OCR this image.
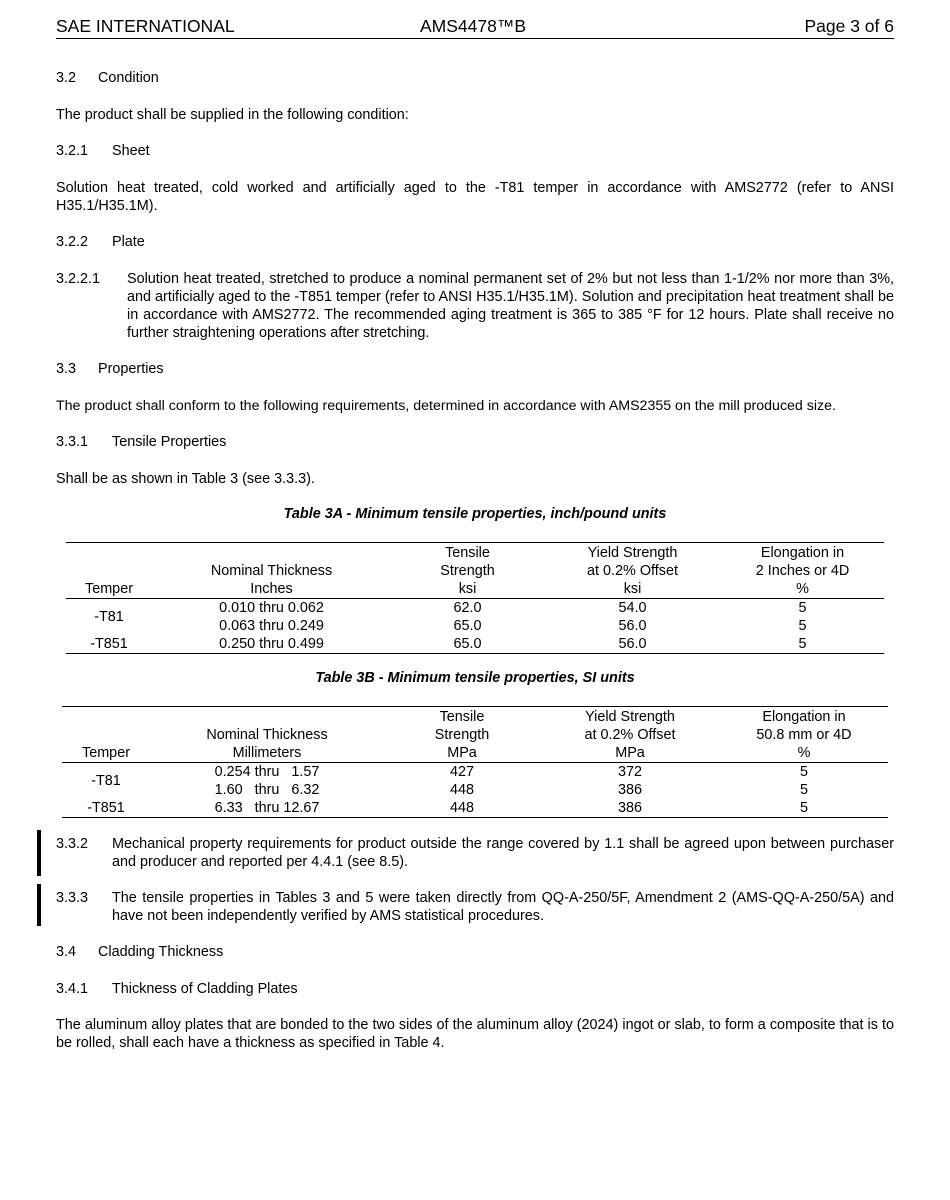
SAE INTERNATIONAL	AMS4478™B	Page 3 of 6
3.2 Condition
The product shall be supplied in the following condition:
3.2.1 Sheet
Solution heat treated, cold worked and artificially aged to the -T81 temper in accordance with AMS2772 (refer to ANSI H35.1/H35.1M).
3.2.2 Plate
3.2.2.1 Solution heat treated, stretched to produce a nominal permanent set of 2% but not less than 1-1/2% nor more than 3%, and artificially aged to the -T851 temper (refer to ANSI H35.1/H35.1M). Solution and precipitation heat treatment shall be in accordance with AMS2772. The recommended aging treatment is 365 to 385 °F for 12 hours. Plate shall receive no further straightening operations after stretching.
3.3 Properties
The product shall conform to the following requirements, determined in accordance with AMS2355 on the mill produced size.
3.3.1 Tensile Properties
Shall be as shown in Table 3 (see 3.3.3).
Table 3A - Minimum tensile properties, inch/pound units
		Tensile	Yield Strength	Elongation in
	Nominal Thickness	Strength	at 0.2% Offset	2 Inches or 4D
Temper	Inches	ksi	ksi	%
-T81	0.010 thru 0.062	62.0	54.0	5
	0.063 thru 0.249	65.0	56.0	5
-T851	0.250 thru 0.499	65.0	56.0	5
Table 3B - Minimum tensile properties, SI units
		Tensile	Yield Strength	Elongation in
	Nominal Thickness	Strength	at 0.2% Offset	50.8 mm or 4D
Temper	Millimeters	MPa	MPa	%
-T81	0.254 thru   1.57	427	372	5
	1.60   thru   6.32	448	386	5
-T851	6.33   thru 12.67	448	386	5
3.3.2 Mechanical property requirements for product outside the range covered by 1.1 shall be agreed upon between purchaser and producer and reported per 4.4.1 (see 8.5).
3.3.3 The tensile properties in Tables 3 and 5 were taken directly from QQ-A-250/5F, Amendment 2 (AMS-QQ-A-250/5A) and have not been independently verified by AMS statistical procedures.
3.4 Cladding Thickness
3.4.1 Thickness of Cladding Plates
The aluminum alloy plates that are bonded to the two sides of the aluminum alloy (2024) ingot or slab, to form a composite that is to be rolled, shall each have a thickness as specified in Table 4.
